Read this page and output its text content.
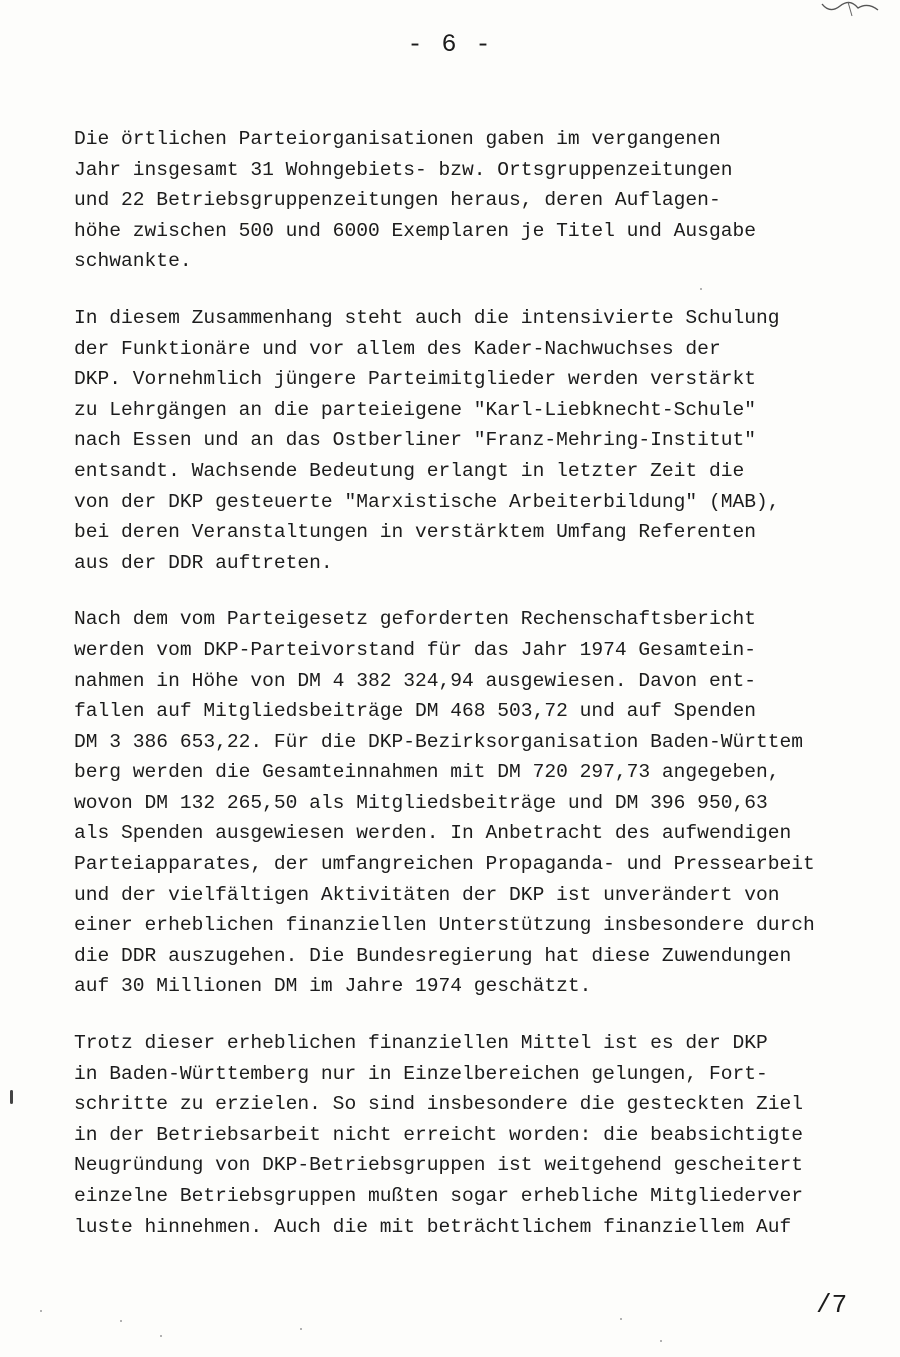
- 6 -
Die örtlichen Parteiorganisationen gaben im vergangenen
Jahr insgesamt 31 Wohngebiets- bzw. Ortsgruppenzeitungen
und 22 Betriebsgruppenzeitungen heraus, deren Auflagen-
höhe zwischen 500 und 6000 Exemplaren je Titel und Ausgabe
schwankte.
In diesem Zusammenhang steht auch die intensivierte Schulung
der Funktionäre und vor allem des Kader-Nachwuchses der
DKP. Vornehmlich jüngere Parteimitglieder werden verstärkt
zu Lehrgängen an die parteieigene "Karl-Liebknecht-Schule"
nach Essen und an das Ostberliner "Franz-Mehring-Institut"
entsandt. Wachsende Bedeutung erlangt in letzter Zeit die
von der DKP gesteuerte "Marxistische Arbeiterbildung" (MAB),
bei deren Veranstaltungen in verstärktem Umfang Referenten
aus der DDR auftreten.
Nach dem vom Parteigesetz geforderten Rechenschaftsbericht
werden vom DKP-Parteivorstand für das Jahr 1974 Gesamtein-
nahmen in Höhe von DM 4 382 324,94 ausgewiesen. Davon ent-
fallen auf Mitgliedsbeiträge DM 468 503,72 und auf Spenden
DM 3 386 653,22. Für die DKP-Bezirksorganisation Baden-Württem
berg werden die Gesamteinnahmen mit DM 720 297,73 angegeben,
wovon DM 132 265,50 als Mitgliedsbeiträge und DM 396 950,63
als Spenden ausgewiesen werden. In Anbetracht des aufwendigen
Parteiapparates, der umfangreichen Propaganda- und Pressearbeit
und der vielfältigen Aktivitäten der DKP ist unverändert von
einer erheblichen finanziellen Unterstützung insbesondere durch
die DDR auszugehen. Die Bundesregierung hat diese Zuwendungen
auf 30 Millionen DM im Jahre 1974 geschätzt.
Trotz dieser erheblichen finanziellen Mittel ist es der DKP
in Baden-Württemberg nur in Einzelbereichen gelungen, Fort-
schritte zu erzielen. So sind insbesondere die gesteckten Ziel
in der Betriebsarbeit nicht erreicht worden: die beabsichtigte
Neugründung von DKP-Betriebsgruppen ist weitgehend gescheitert
einzelne Betriebsgruppen mußten sogar erhebliche Mitgliederver
luste hinnehmen. Auch die mit beträchtlichem finanziellem Auf
/7
